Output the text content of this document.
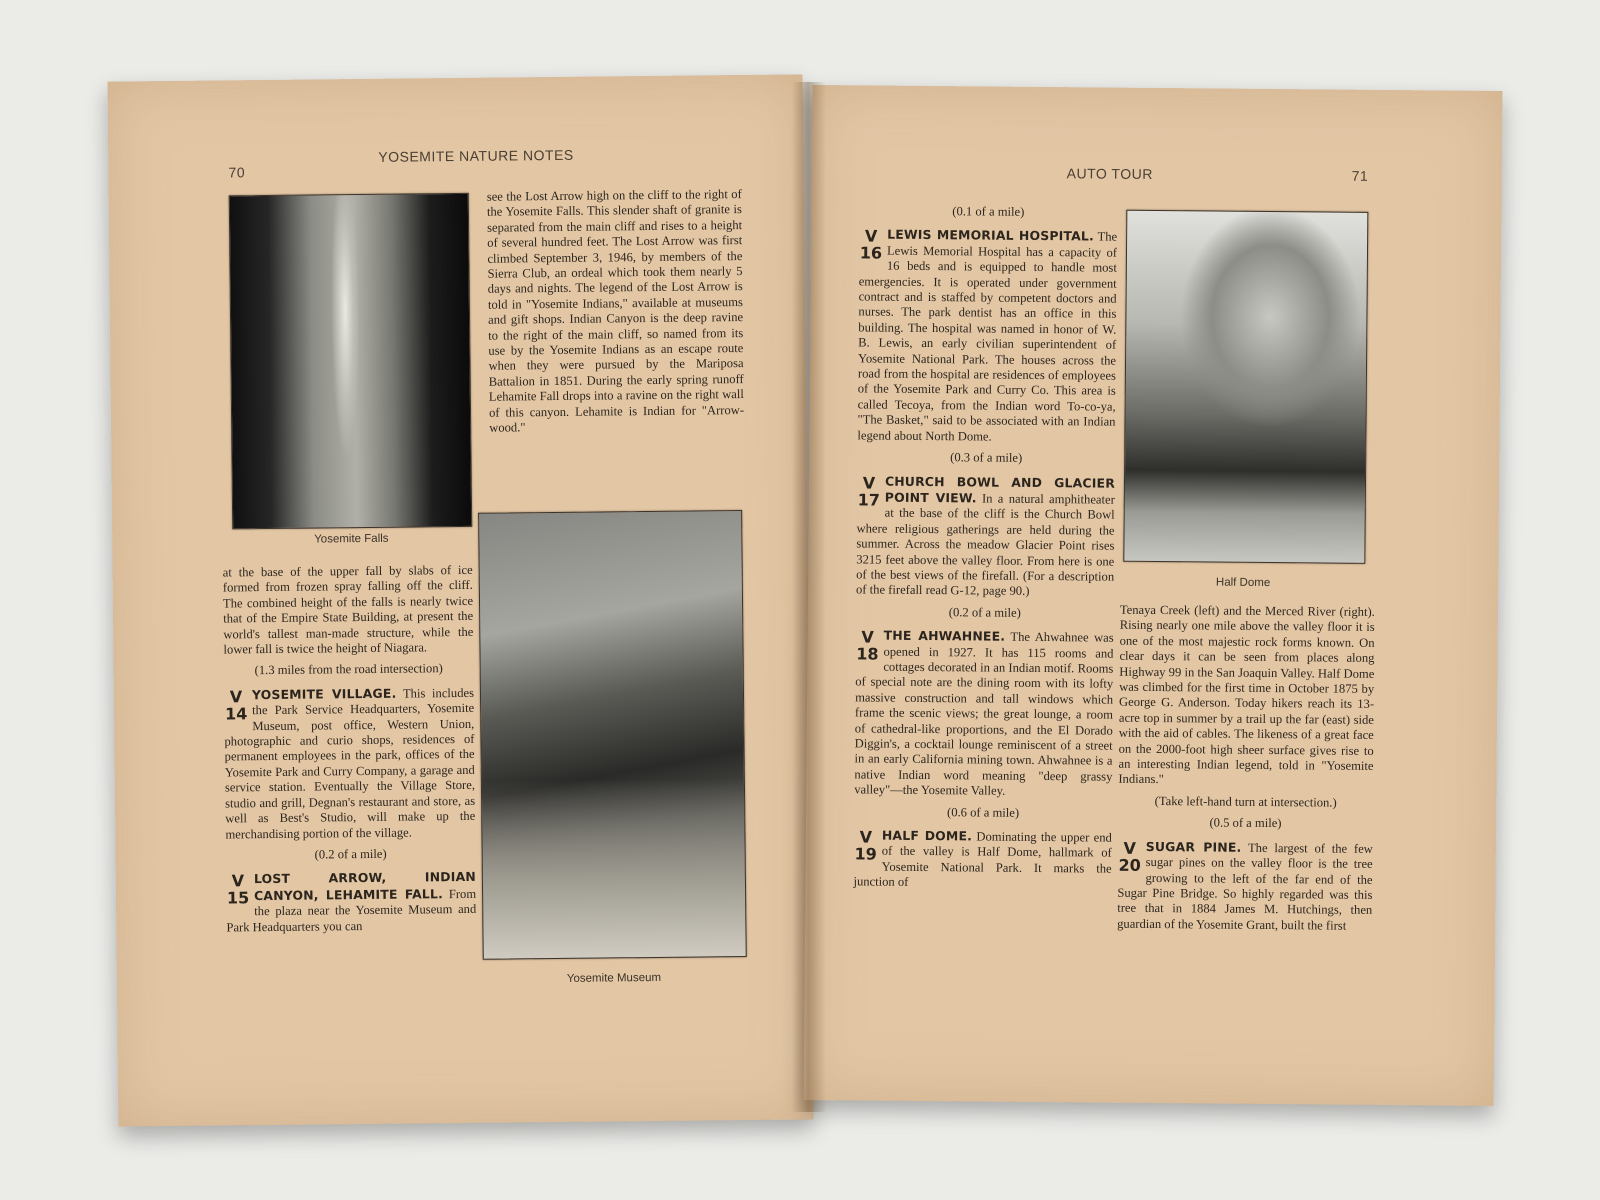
70
YOSEMITE NATURE NOTES
Yosemite Falls
see the Lost Arrow high on the cliff to the right of the Yosemite Falls. This slender shaft of granite is separated from the main cliff and rises to a height of several hundred feet. The Lost Arrow was first climbed September 3, 1946, by members of the Sierra Club, an ordeal which took them nearly 5 days and nights. The legend of the Lost Arrow is told in "Yosemite Indians," available at museums and gift shops. Indian Canyon is the deep ravine to the right of the main cliff, so named from its use by the Yosemite Indians as an escape route when they were pursued by the Mariposa Battalion in 1851. During the early spring runoff Lehamite Fall drops into a ravine on the right wall of this canyon. Lehamite is Indian for "Arrow-wood."
Yosemite Museum

at the base of the upper fall by slabs of ice formed from frozen spray falling off the cliff. The combined height of the falls is nearly twice that of the Empire State Building, at present the world's tallest man-made structure, while the lower fall is twice the height of Niagara.

(1.3 miles from the road intersection)
V
14
YOSEMITE VILLAGE. This includes the Park Service Headquarters, Yosemite Museum, post office, Western Union, photographic and curio shops, residences of permanent employees in the park, offices of the Yosemite Park and Curry Company, a garage and service station. Eventually the Village Store, studio and grill, Degnan's restaurant and store, as well as Best's Studio, will make up the merchandising portion of the village.
(0.2 of a mile)
V
15
LOST ARROW, INDIAN CANYON, LEHAMITE FALL. From the plaza near the Yosemite Museum and Park Headquarters you can
AUTO TOUR	71
(0.1 of a mile)
V
16
LEWIS MEMORIAL HOSPITAL. The Lewis Memorial Hospital has a capacity of 16 beds and is equipped to handle most emergencies. It is operated under government contract and is staffed by competent doctors and nurses. The park dentist has an office in this building. The hospital was named in honor of W. B. Lewis, an early civilian superintendent of Yosemite National Park. The houses across the road from the hospital are residences of employees of the Yosemite Park and Curry Co. This area is called Tecoya, from the Indian word To-co-ya, "The Basket," said to be associated with an Indian legend about North Dome.
(0.3 of a mile)
V
17
CHURCH BOWL AND GLACIER POINT VIEW. In a natural amphitheater at the base of the cliff is the Church Bowl where religious gatherings are held during the summer. Across the meadow Glacier Point rises 3215 feet above the valley floor. From here is one of the best views of the firefall. (For a description of the firefall read G-12, page 90.)
(0.2 of a mile)
V
18
THE AHWAHNEE. The Ahwahnee was opened in 1927. It has 115 rooms and cottages decorated in an Indian motif. Rooms of special note are the dining room with its lofty massive construction and tall windows which frame the scenic views; the great lounge, a room of cathedral-like proportions, and the El Dorado Diggin's, a cocktail lounge reminiscent of a street in an early California mining town. Ahwahnee is a native Indian word meaning "deep grassy valley"—the Yosemite Valley.
(0.6 of a mile)
V
19
HALF DOME. Dominating the upper end of the valley is Half Dome, hallmark of Yosemite National Park. It marks the junction of
Half Dome

Tenaya Creek (left) and the Merced River (right). Rising nearly one mile above the valley floor it is one of the most majestic rock forms known. On clear days it can be seen from places along Highway 99 in the San Joaquin Valley. Half Dome was climbed for the first time in October 1875 by George G. Anderson. Today hikers reach its 13-acre top in summer by a trail up the far (east) side with the aid of cables. The likeness of a great face on the 2000-foot high sheer surface gives rise to an interesting Indian legend, told in "Yosemite Indians."

(Take left-hand turn at intersection.)
(0.5 of a mile)
V
20
SUGAR PINE. The largest of the few sugar pines on the valley floor is the tree growing to the left of the far end of the Sugar Pine Bridge. So highly regarded was this tree that in 1884 James M. Hutchings, then guardian of the Yosemite Grant, built the first
